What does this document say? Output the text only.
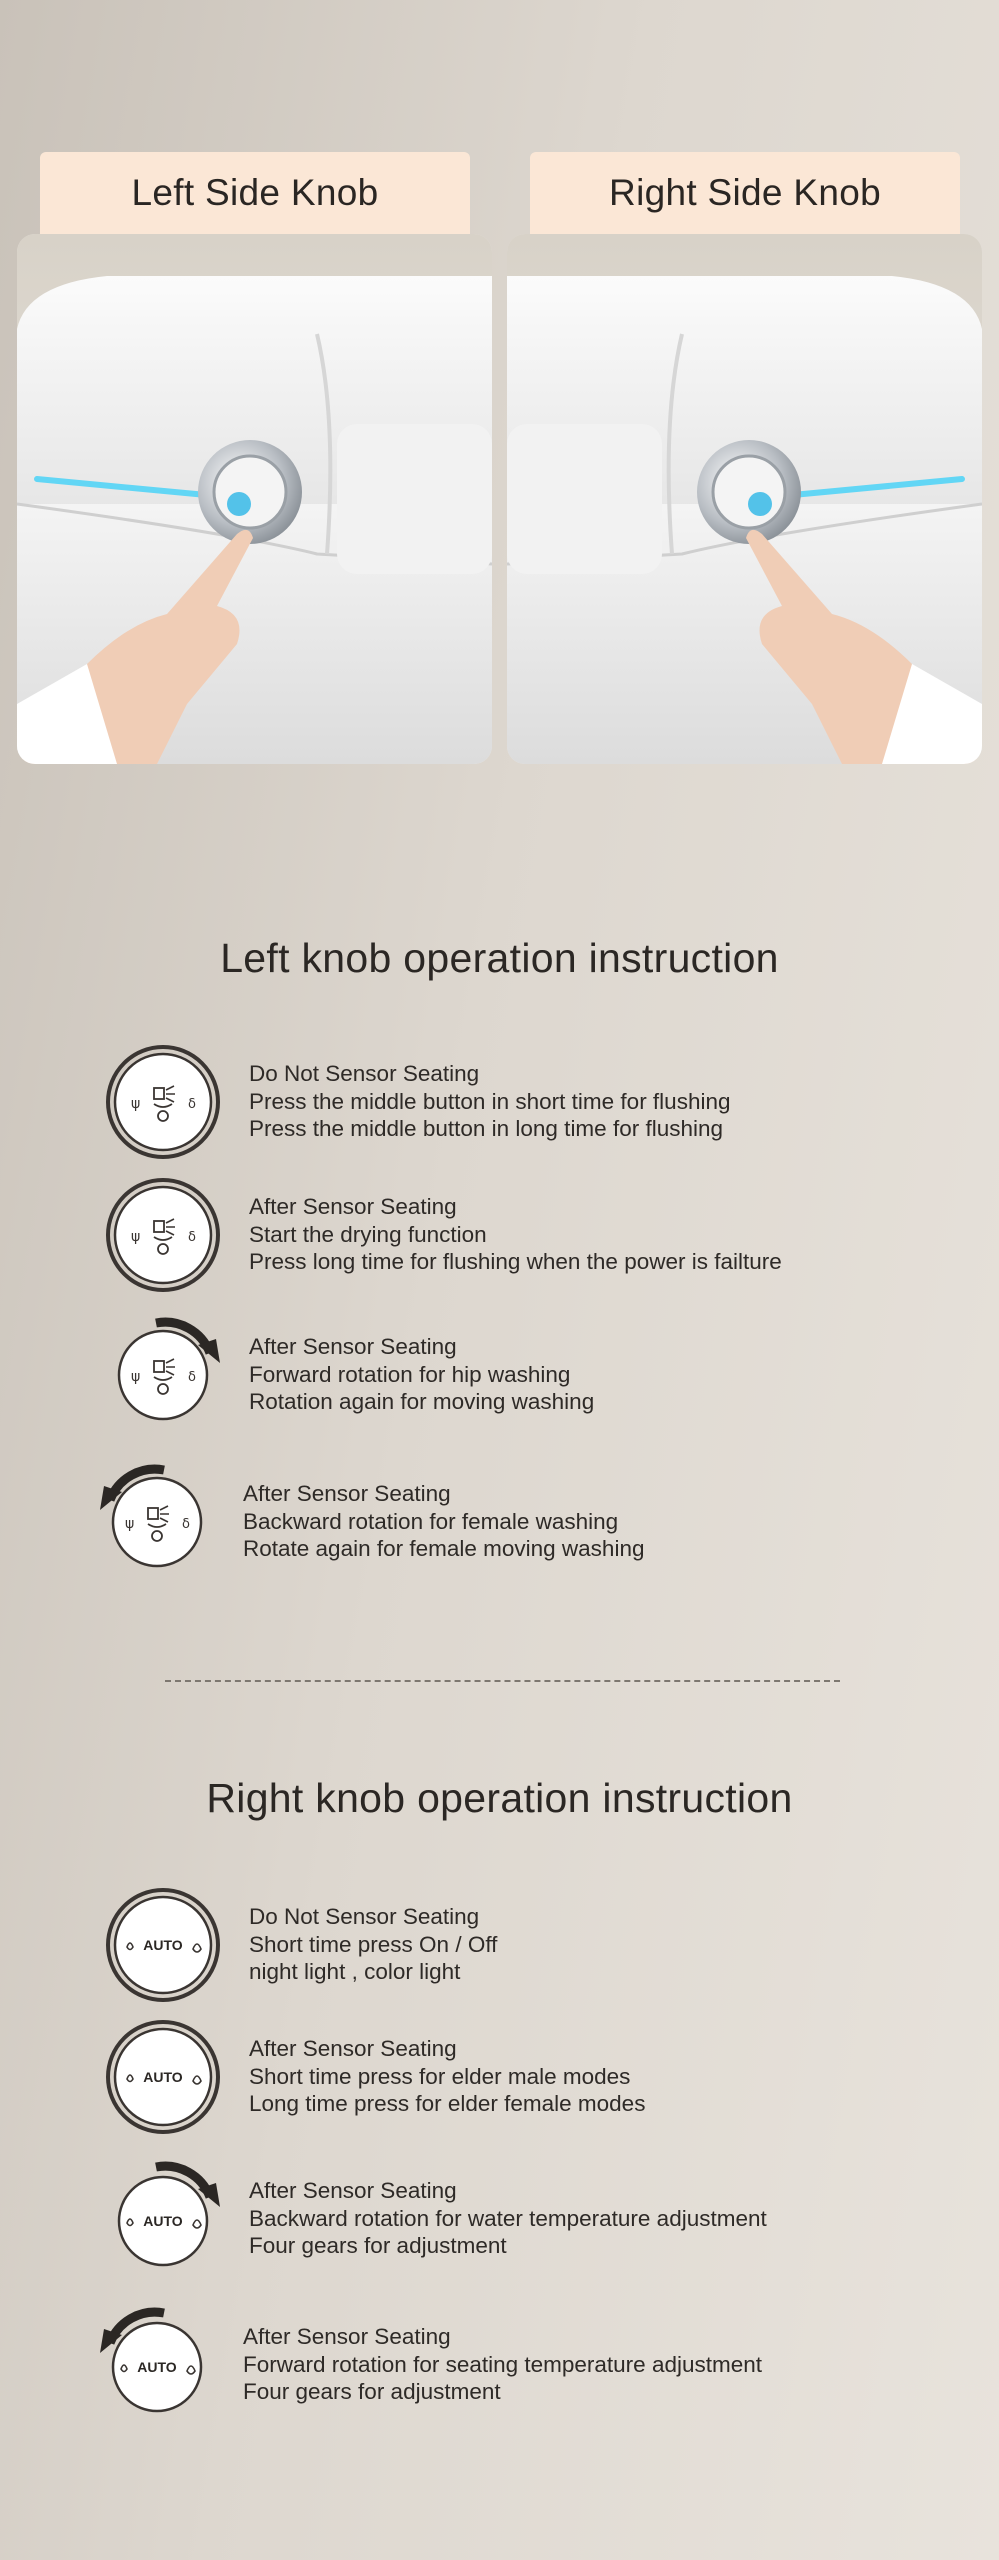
Left Side Knob	Right Side Knob
Left knob operation instruction
ψ	δ
Do Not Sensor Seating
Press the middle button in short time for flushing
Press the middle button in long time for flushing
ψ	δ
After Sensor Seating
Start the drying function
Press long time for flushing when the power is failture
ψ	δ
After Sensor Seating
Forward rotation for hip washing
Rotation again for moving washing
ψ	δ
After Sensor Seating
Backward rotation for female washing
Rotate again for female moving washing
Right knob operation instruction
AUTO
Do Not Sensor Seating
Short time press On / Off
night light , color light
AUTO
After Sensor Seating
Short time press for elder male modes
Long time press for elder female modes
AUTO
After Sensor Seating
Backward rotation for water temperature adjustment
Four gears for adjustment
AUTO
After Sensor Seating
Forward rotation for seating temperature adjustment
Four gears for adjustment
